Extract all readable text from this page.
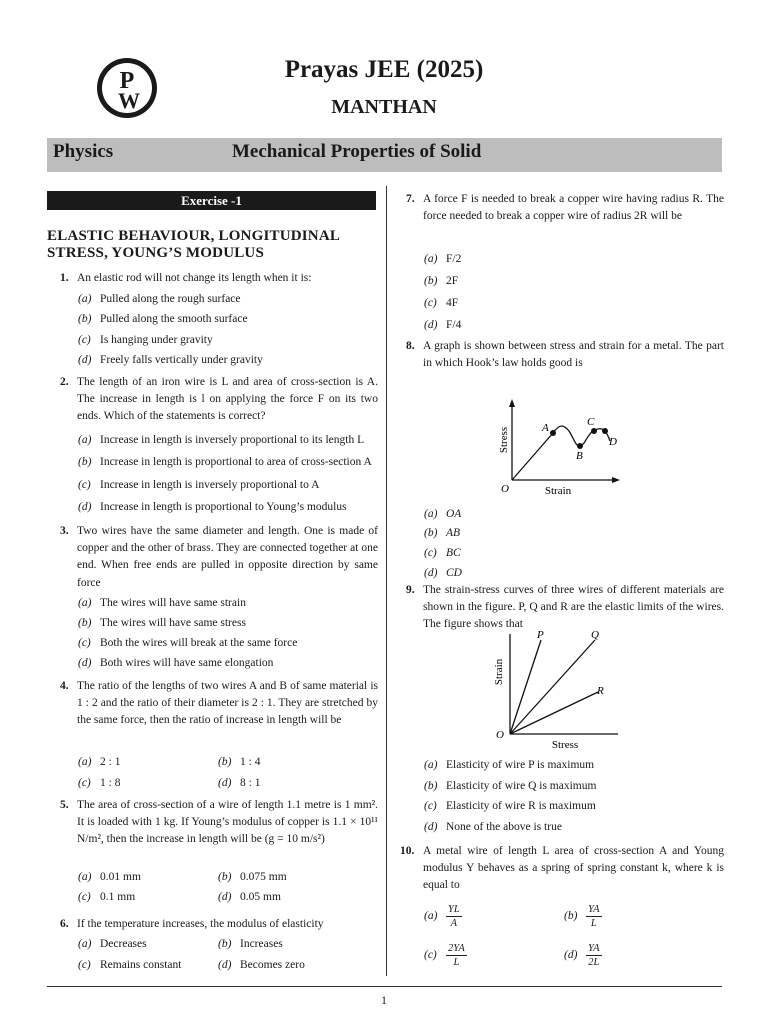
P
W
Prayas JEE (2025)
MANTHAN
Physics	Mechanical Properties of Solid
Exercise -1
ELASTIC BEHAVIOUR, LONGITUDINAL STRESS, YOUNG’S MODULUS
1. An elastic rod will not change its length when it is:
(a) Pulled along the rough surface
(b) Pulled along the smooth surface
(c) Is hanging under gravity
(d) Freely falls vertically under gravity
2. The length of an iron wire is L and area of cross-section is A. The increase in length is l on applying the force F on its two ends. Which of the statements is correct?
(a) Increase in length is inversely proportional to its length L
(b) Increase in length is proportional to area of cross-section A
(c) Increase in length is inversely proportional to A
(d) Increase in length is proportional to Young’s modulus
3. Two wires have the same diameter and length. One is made of copper and the other of brass. They are connected together at one end. When free ends are pulled in opposite direction by same force
(a) The wires will have same strain
(b) The wires will have same stress
(c) Both the wires will break at the same force
(d) Both wires will have same elongation
4. The ratio of the lengths of two wires A and B of same material is 1 : 2 and the ratio of their diameter is 2 : 1. They are stretched by the same force, then the ratio of increase in length will be
(a) 2 : 1	(b) 1 : 4
(c) 1 : 8	(d) 8 : 1
5. The area of cross-section of a wire of length 1.1 metre is 1 mm². It is loaded with 1 kg. If Young’s modulus of copper is 1.1 × 10¹¹ N/m², then the increase in length will be (g = 10 m/s²)
(a) 0.01 mm	(b) 0.075 mm
(c) 0.1 mm	(d) 0.05 mm
6. If the temperature increases, the modulus of elasticity
(a) Decreases	(b) Increases
(c) Remains constant	(d) Becomes zero
7. A force F is needed to break a copper wire having radius R. The force needed to break a copper wire of radius 2R will be
(a) F/2
(b) 2F
(c) 4F
(d) F/4
8. A graph is shown between stress and strain for a metal. The part in which Hook’s law holds good is
Stress
Strain
O
A
B
C
D
(a) OA
(b) AB
(c) BC
(d) CD
9. The strain-stress curves of three wires of different materials are shown in the figure. P, Q and R are the elastic limits of the wires. The figure shows that
Strain
Stress
O
P	Q
R
(a) Elasticity of wire P is maximum
(b) Elasticity of wire Q is maximum
(c) Elasticity of wire R is maximum
(d) None of the above is true
10. A metal wire of length L area of cross-section A and Young modulus Y behaves as a spring of spring constant k, where k is equal to
$(a) \frac{YL}{A}$	$(b) \frac{YA}{L}$
$(c) \frac{2YA}{L}$	$(d) \frac{YA}{2L}$
1
